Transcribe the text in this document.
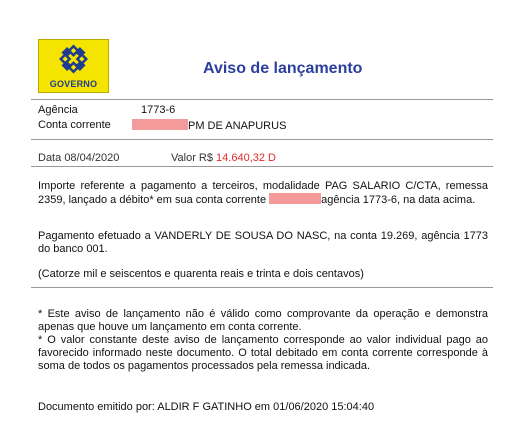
GOVERNO
Aviso de lançamento
Agência	1773-6
Conta corrente	PM DE ANAPURUS
Data 08/04/2020	Valor R$ 14.640,32 D
Importe referente a pagamento a terceiros, modalidade PAG SALARIO C/CTA, remessa 2359, lançado a débito* em sua conta corrente	agência 1773-6, na data acima.
Pagamento efetuado a VANDERLY DE SOUSA DO NASC, na conta 19.269, agência 1773 do banco 001.
(Catorze mil e seiscentos e quarenta reais e trinta e dois centavos)
* Este aviso de lançamento não é válido como comprovante da operação e demonstra apenas que houve um lançamento em conta corrente.
* O valor constante deste aviso de lançamento corresponde ao valor individual pago ao favorecido informado neste documento. O total debitado em conta corrente corresponde à soma de todos os pagamentos processados pela remessa indicada.
Documento emitido por: ALDIR F GATINHO em 01/06/2020 15:04:40
